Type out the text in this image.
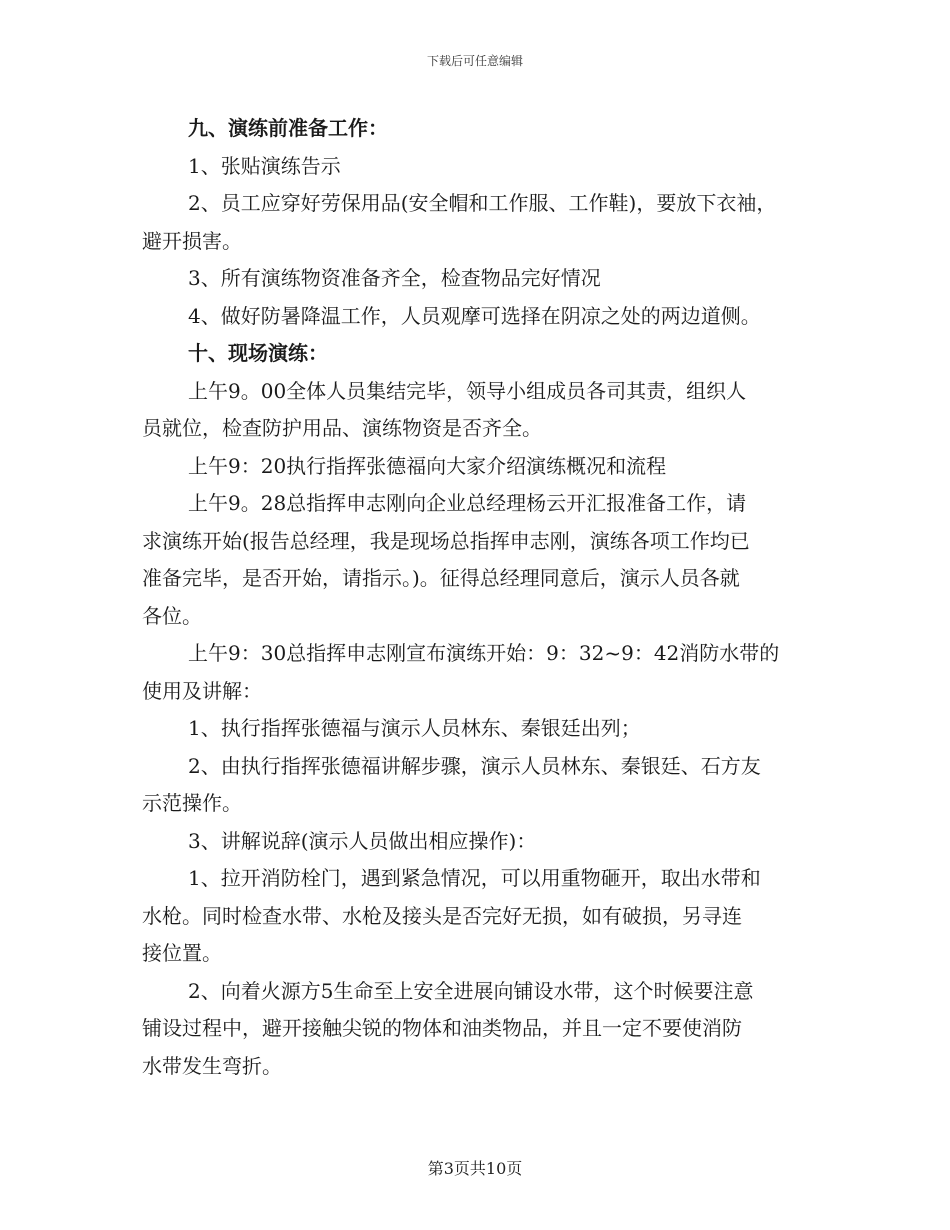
下载后可任意编辑

九、演练前准备工作：

1、张贴演练告示

2、员工应穿好劳保用品(安全帽和工作服、工作鞋)，要放下衣袖，

避开损害。

3、所有演练物资准备齐全，检查物品完好情况

4、做好防暑降温工作，人员观摩可选择在阴凉之处的两边道侧。

十、现场演练：

上午9。00全体人员集结完毕，领导小组成员各司其责，组织人

员就位，检查防护用品、演练物资是否齐全。

上午9：20执行指挥张德福向大家介绍演练概况和流程

上午9。28总指挥申志刚向企业总经理杨云开汇报准备工作，请

求演练开始(报告总经理，我是现场总指挥申志刚，演练各项工作均已

准备完毕，是否开始，请指示。)。征得总经理同意后，演示人员各就

各位。

上午9：30总指挥申志刚宣布演练开始：9：32~9：42消防水带的

使用及讲解：

1、执行指挥张德福与演示人员林东、秦银廷出列；

2、由执行指挥张德福讲解步骤，演示人员林东、秦银廷、石方友

示范操作。

3、讲解说辞(演示人员做出相应操作)：

1、拉开消防栓门，遇到紧急情况，可以用重物砸开，取出水带和

水枪。同时检查水带、水枪及接头是否完好无损，如有破损，另寻连

接位置。

2、向着火源方5生命至上安全进展向铺设水带，这个时候要注意

铺设过程中，避开接触尖锐的物体和油类物品，并且一定不要使消防

水带发生弯折。

第3页共10页
